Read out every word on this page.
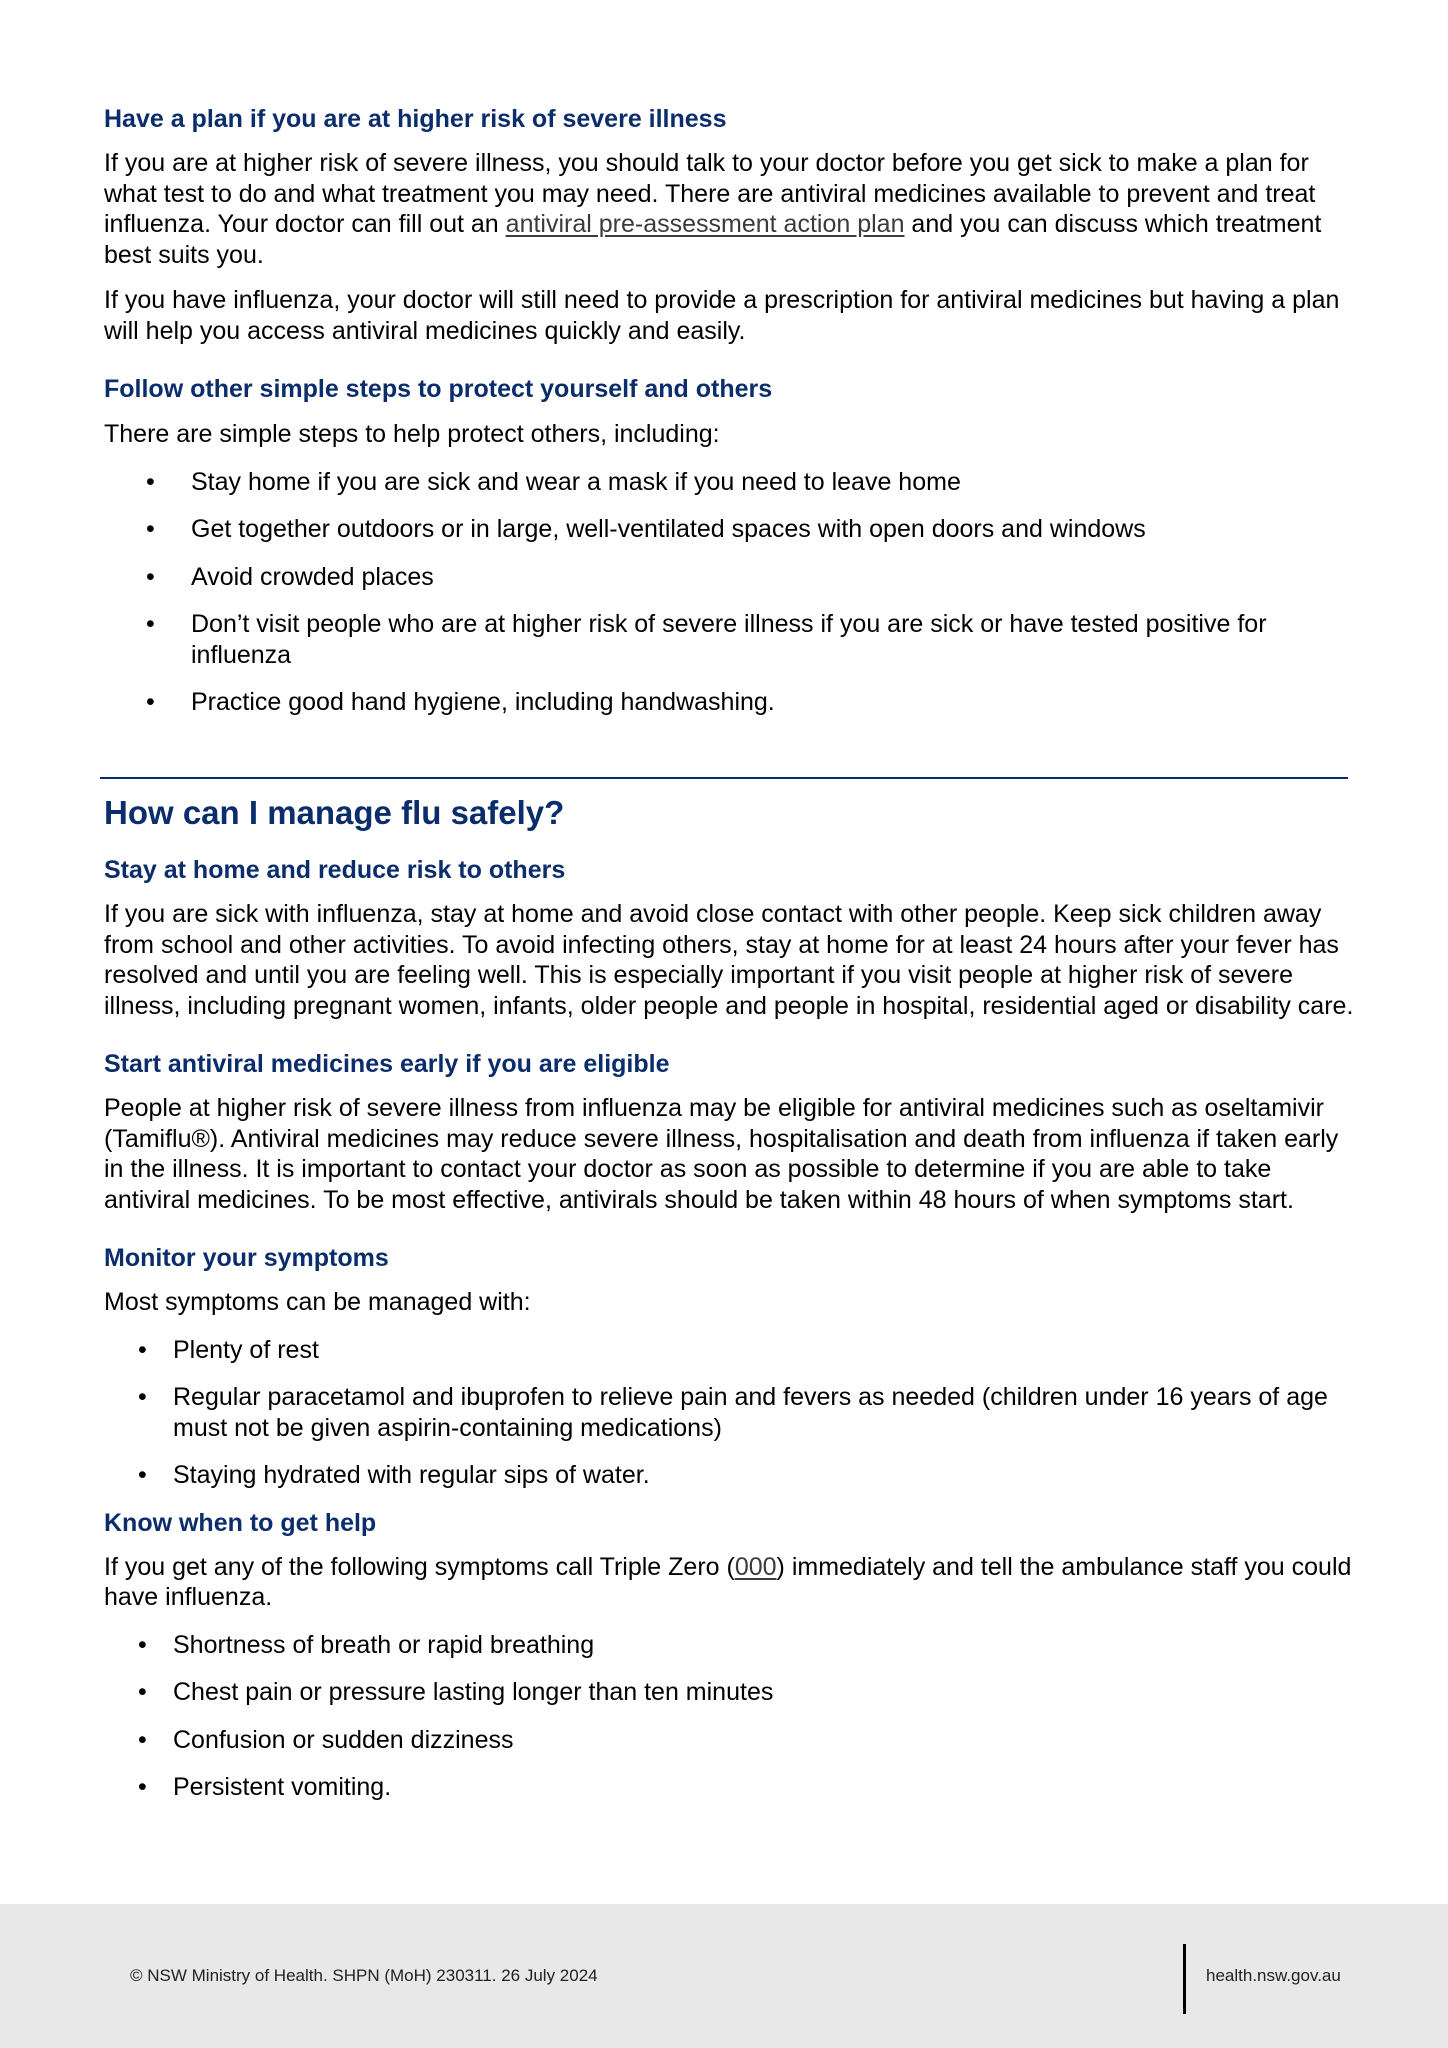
Have a plan if you are at higher risk of severe illness

If you are at higher risk of severe illness, you should talk to your doctor before you get sick to make a plan for what test to do and what treatment you may need. There are antiviral medicines available to prevent and treat influenza. Your doctor can fill out an antiviral pre-assessment action plan and you can discuss which treatment best suits you.

If you have influenza, your doctor will still need to provide a prescription for antiviral medicines but having a plan will help you access antiviral medicines quickly and easily.

Follow other simple steps to protect yourself and others

There are simple steps to help protect others, including:

• Stay home if you are sick and wear a mask if you need to leave home
• Get together outdoors or in large, well-ventilated spaces with open doors and windows
• Avoid crowded places
• Don’t visit people who are at higher risk of severe illness if you are sick or have tested positive for influenza
• Practice good hand hygiene, including handwashing.
How can I manage flu safely?
Stay at home and reduce risk to others

If you are sick with influenza, stay at home and avoid close contact with other people. Keep sick children away from school and other activities. To avoid infecting others, stay at home for at least 24 hours after your fever has resolved and until you are feeling well. This is especially important if you visit people at higher risk of severe illness, including pregnant women, infants, older people and people in hospital, residential aged or disability care.

Start antiviral medicines early if you are eligible

People at higher risk of severe illness from influenza may be eligible for antiviral medicines such as oseltamivir (Tamiflu®). Antiviral medicines may reduce severe illness, hospitalisation and death from influenza if taken early in the illness. It is important to contact your doctor as soon as possible to determine if you are able to take antiviral medicines. To be most effective, antivirals should be taken within 48 hours of when symptoms start.

Monitor your symptoms

Most symptoms can be managed with:

• Plenty of rest
• Regular paracetamol and ibuprofen to relieve pain and fevers as needed (children under 16 years of age must not be given aspirin-containing medications)
• Staying hydrated with regular sips of water.
Know when to get help

If you get any of the following symptoms call Triple Zero (000) immediately and tell the ambulance staff you could have influenza.

• Shortness of breath or rapid breathing
• Chest pain or pressure lasting longer than ten minutes
• Confusion or sudden dizziness
• Persistent vomiting.
© NSW Ministry of Health. SHPN (MoH) 230311. 26 July 2024	health.nsw.gov.au
